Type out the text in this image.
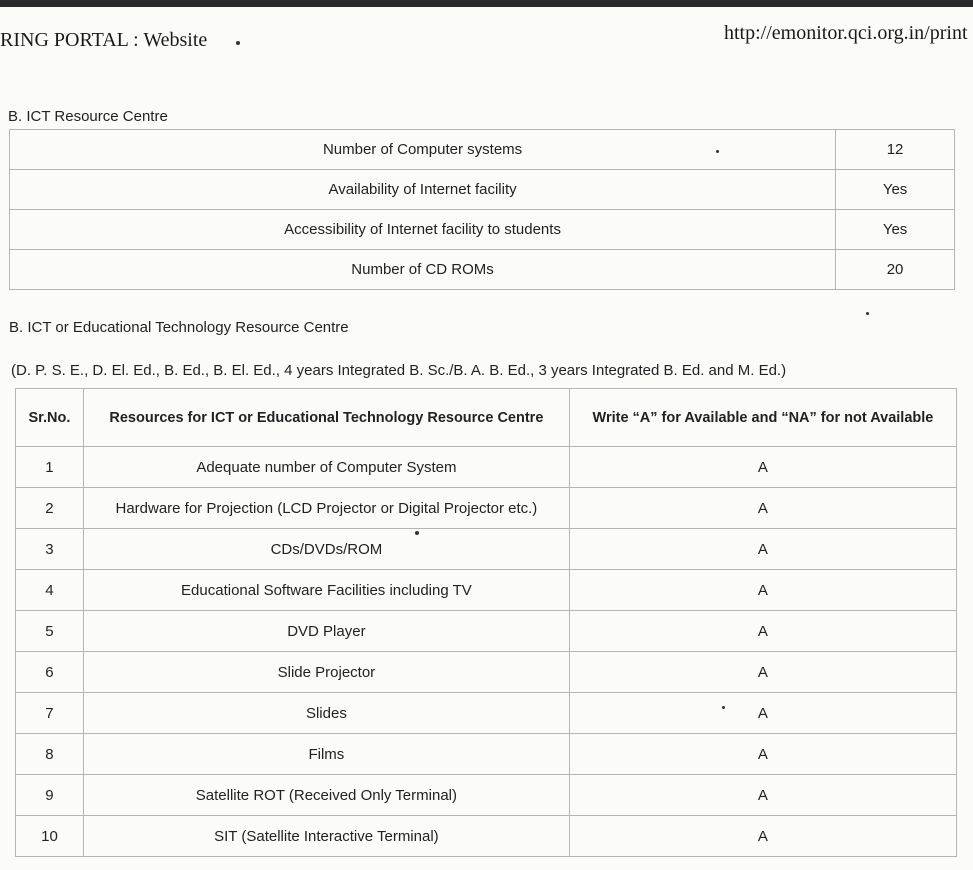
RING PORTAL : Website	http://emonitor.qci.org.in/print
B. ICT Resource Centre
Number of Computer systems	12
Availability of Internet facility	Yes
Accessibility of Internet facility to students	Yes
Number of CD ROMs	20
B. ICT or Educational Technology Resource Centre
(D. P. S. E., D. El. Ed., B. Ed., B. El. Ed., 4 years Integrated B. Sc./B. A. B. Ed., 3 years Integrated B. Ed. and M. Ed.)
Sr.No.	Resources for ICT or Educational Technology Resource Centre	Write “A” for Available and “NA” for not Available
1	Adequate number of Computer System	A
2	Hardware for Projection (LCD Projector or Digital Projector etc.)	A
3	CDs/DVDs/ROM	A
4	Educational Software Facilities including TV	A
5	DVD Player	A
6	Slide Projector	A
7	Slides	A
8	Films	A
9	Satellite ROT (Received Only Terminal)	A
10	SIT (Satellite Interactive Terminal)	A
